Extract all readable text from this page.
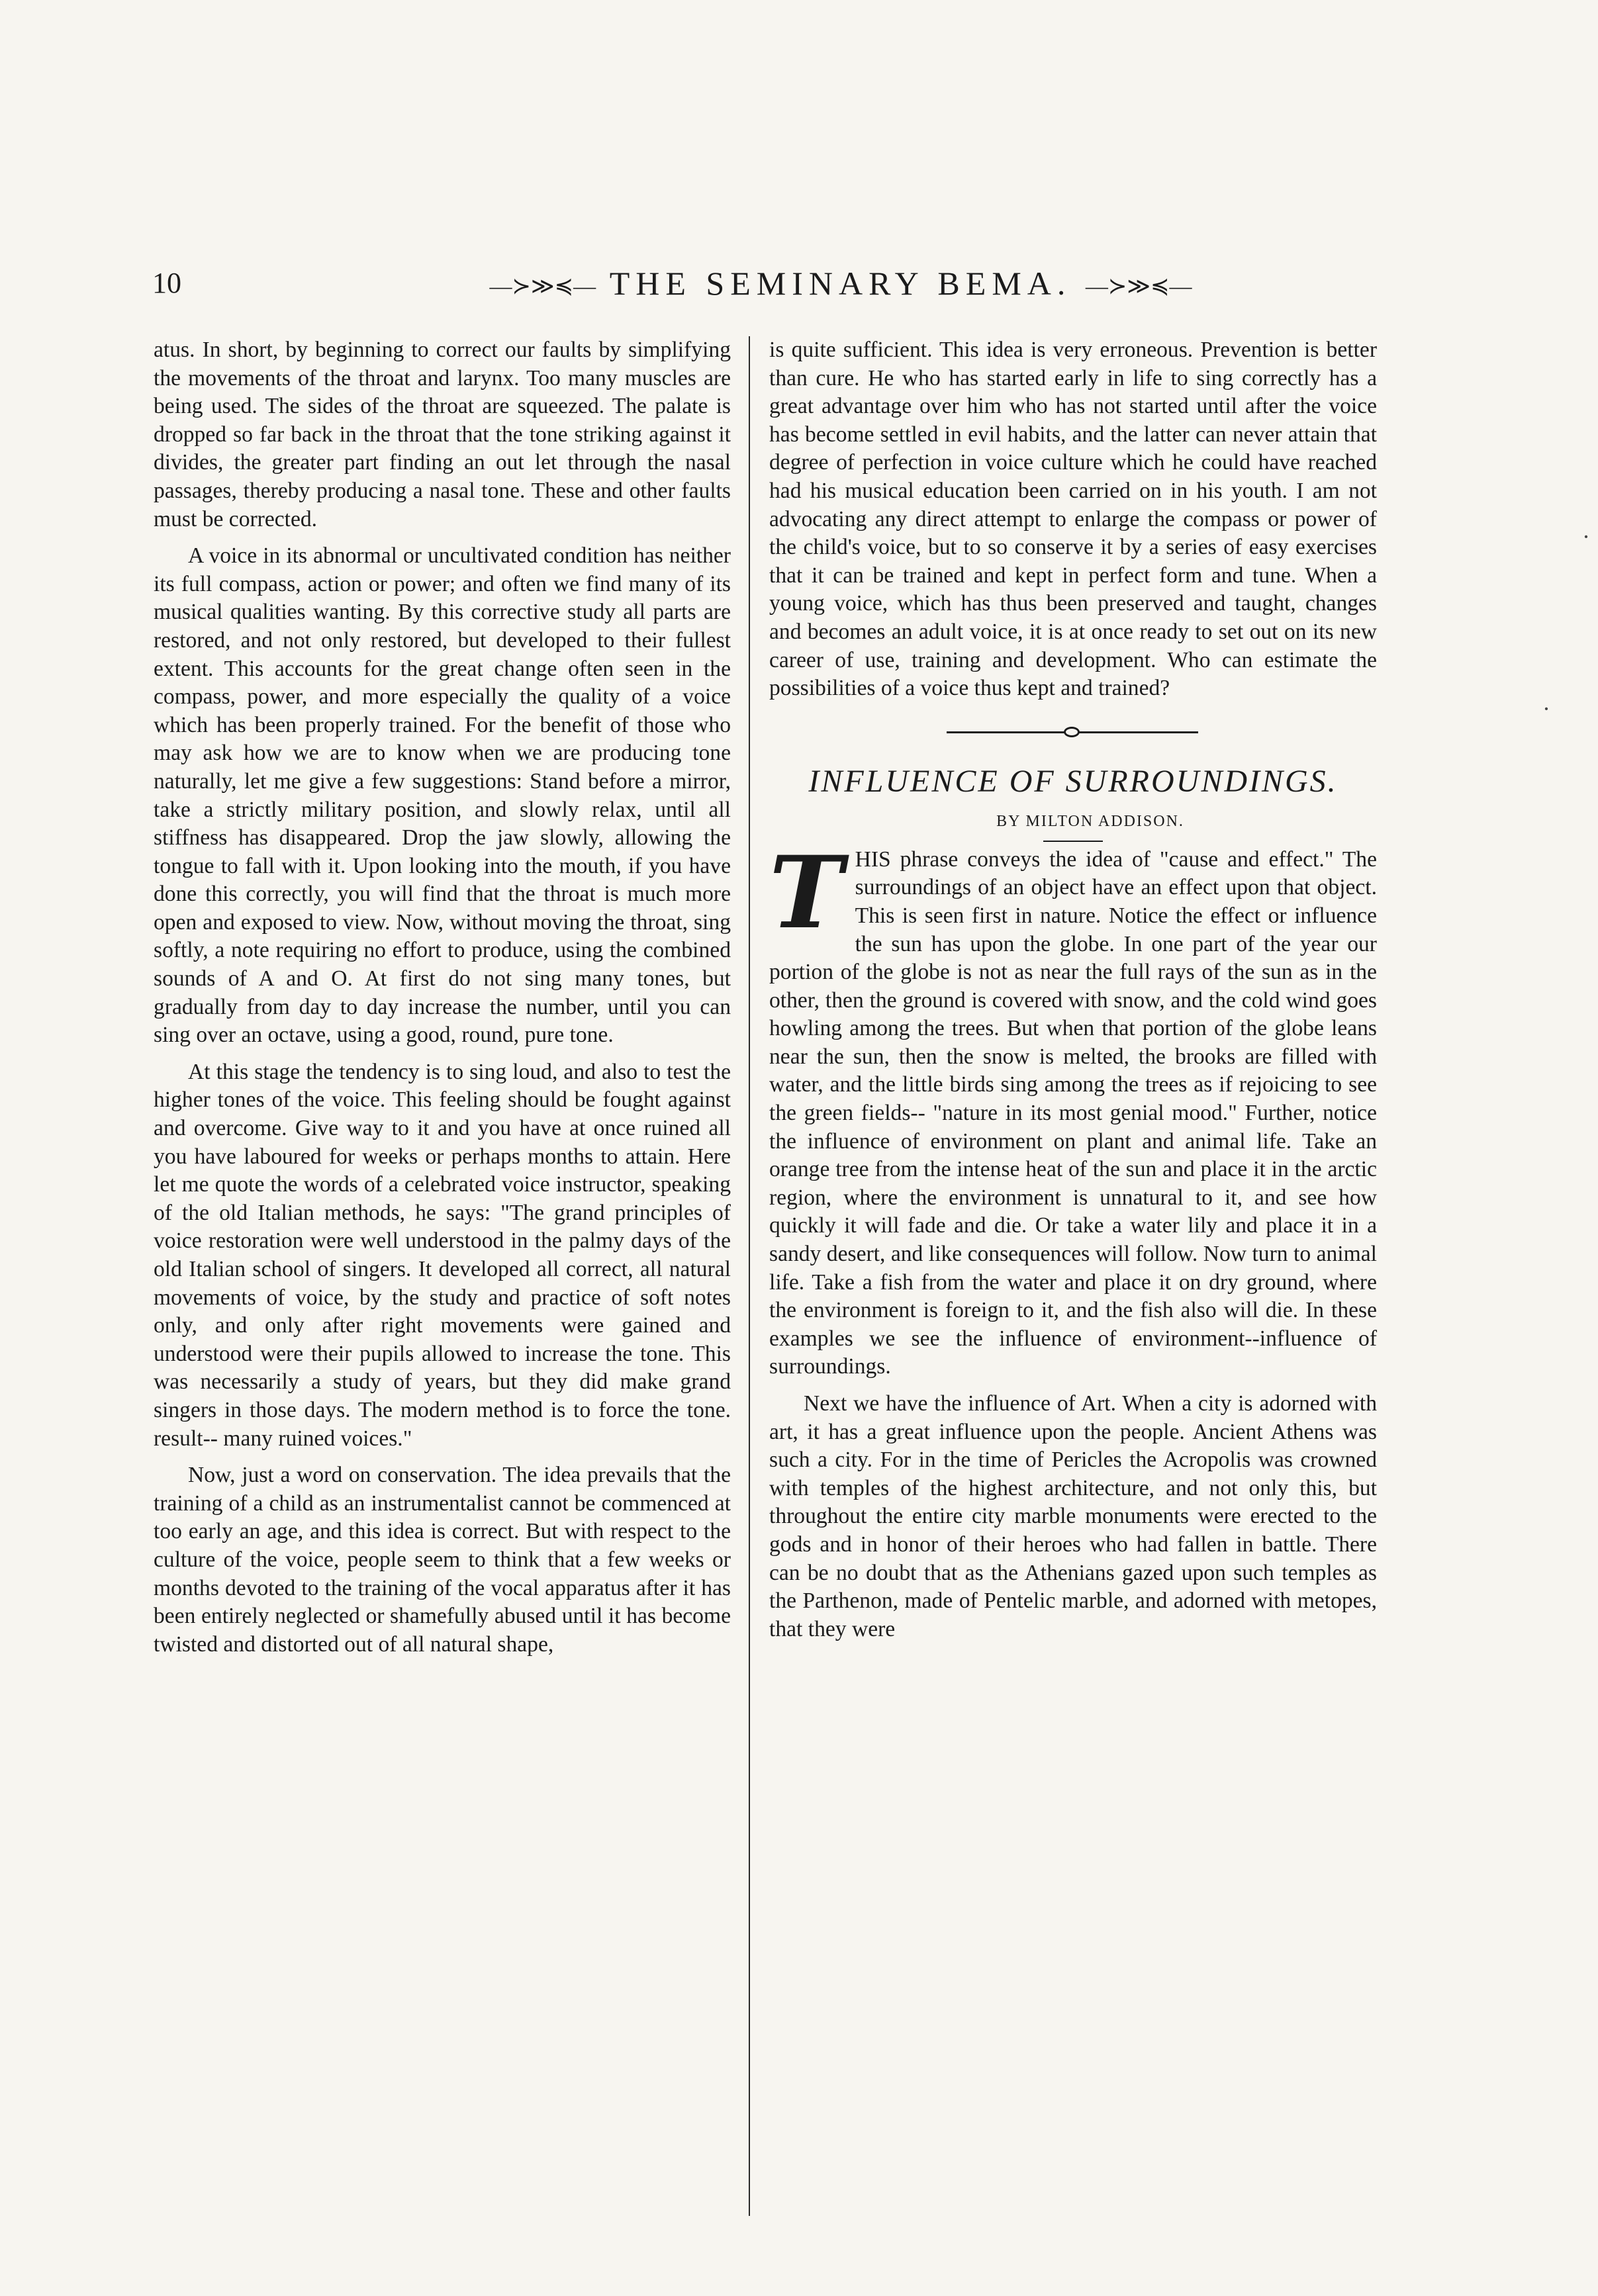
10	—≻≫≼— THE SEMINARY BEMA. —≻≫≼—

atus. In short, by beginning to correct our faults by simplifying the movements of the throat and larynx. Too many muscles are being used. The sides of the throat are squeezed. The palate is dropped so far back in the throat that the tone striking against it divides, the greater part finding an out let through the nasal passages, thereby producing a nasal tone. These and other faults must be corrected.

A voice in its abnormal or uncultivated condition has neither its full compass, action or power; and often we find many of its musical qualities wanting. By this corrective study all parts are restored, and not only restored, but developed to their fullest extent. This accounts for the great change often seen in the compass, power, and more especially the quality of a voice which has been properly trained. For the benefit of those who may ask how we are to know when we are producing tone naturally, let me give a few suggestions: Stand before a mirror, take a strictly military position, and slowly relax, until all stiffness has disappeared. Drop the jaw slowly, allowing the tongue to fall with it. Upon looking into the mouth, if you have done this correctly, you will find that the throat is much more open and exposed to view. Now, without moving the throat, sing softly, a note requiring no effort to produce, using the combined sounds of A and O. At first do not sing many tones, but gradually from day to day increase the number, until you can sing over an octave, using a good, round, pure tone.

At this stage the tendency is to sing loud, and also to test the higher tones of the voice. This feeling should be fought against and overcome. Give way to it and you have at once ruined all you have laboured for weeks or perhaps months to attain. Here let me quote the words of a celebrated voice instructor, speaking of the old Italian methods, he says: "The grand principles of voice restoration were well understood in the palmy days of the old Italian school of singers. It developed all correct, all natural movements of voice, by the study and practice of soft notes only, and only after right movements were gained and understood were their pupils allowed to increase the tone. This was necessarily a study of years, but they did make grand singers in those days. The modern method is to force the tone. result-- many ruined voices."

Now, just a word on conservation. The idea prevails that the training of a child as an instrumentalist cannot be commenced at too early an age, and this idea is correct. But with respect to the culture of the voice, people seem to think that a few weeks or months devoted to the training of the vocal apparatus after it has been entirely neglected or shamefully abused until it has become twisted and distorted out of all natural shape,

is quite sufficient. This idea is very erroneous. Prevention is better than cure. He who has started early in life to sing correctly has a great advantage over him who has not started until after the voice has become settled in evil habits, and the latter can never attain that degree of perfection in voice culture which he could have reached had his musical education been carried on in his youth. I am not advocating any direct attempt to enlarge the compass or power of the child's voice, but to so conserve it by a series of easy exercises that it can be trained and kept in perfect form and tune. When a young voice, which has thus been preserved and taught, changes and becomes an adult voice, it is at once ready to set out on its new career of use, training and development. Who can estimate the possibilities of a voice thus kept and trained?

INFLUENCE OF SURROUNDINGS.

BY MILTON ADDISON.

T HIS phrase conveys the idea of "cause and effect." The surroundings of an object have an effect upon that object. This is seen first in nature. Notice the effect or influence the sun has upon the globe. In one part of the year our portion of the globe is not as near the full rays of the sun as in the other, then the ground is covered with snow, and the cold wind goes howling among the trees. But when that portion of the globe leans near the sun, then the snow is melted, the brooks are filled with water, and the little birds sing among the trees as if rejoicing to see the green fields-- "nature in its most genial mood." Further, notice the influence of environment on plant and animal life. Take an orange tree from the intense heat of the sun and place it in the arctic region, where the environment is unnatural to it, and see how quickly it will fade and die. Or take a water lily and place it in a sandy desert, and like consequences will follow. Now turn to animal life. Take a fish from the water and place it on dry ground, where the environment is foreign to it, and the fish also will die. In these examples we see the influence of environment--influence of surroundings.

Next we have the influence of Art. When a city is adorned with art, it has a great influence upon the people. Ancient Athens was such a city. For in the time of Pericles the Acropolis was crowned with temples of the highest architecture, and not only this, but throughout the entire city marble monuments were erected to the gods and in honor of their heroes who had fallen in battle. There can be no doubt that as the Athenians gazed upon such temples as the Parthenon, made of Pentelic marble, and adorned with metopes, that they were

·
·
